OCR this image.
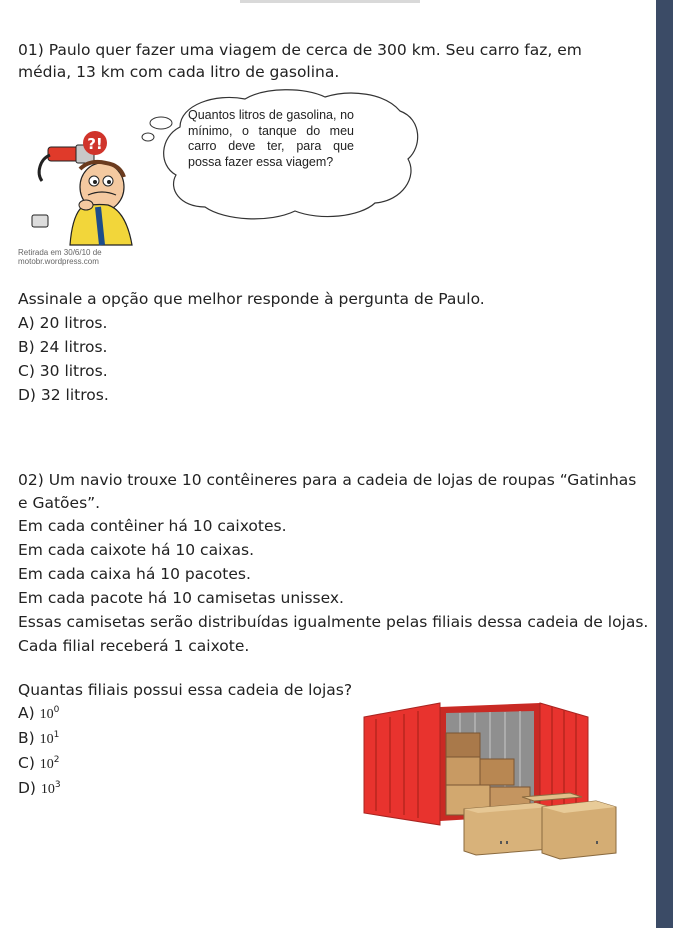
01) Paulo quer fazer uma viagem de cerca de 300 km. Seu carro faz, em
média, 13 km com cada litro de gasolina.
?!
Quantos litros de gasolina, no mínimo, o tanque do meu carro deve ter, para que possa fazer essa viagem?
Retirada em 30/6/10 de
motobr.wordpress.com
Assinale a opção que melhor responde à pergunta de Paulo.
A) 20 litros.
B) 24 litros.
C) 30 litros.
D) 32 litros.
02) Um navio trouxe 10 contêineres para a cadeia de lojas de roupas “Gatinhas
e Gatões”.
Em cada contêiner há 10 caixotes.
Em cada caixote há 10 caixas.
Em cada caixa há 10 pacotes.
Em cada pacote há 10 camisetas unissex.
Essas camisetas serão distribuídas igualmente pelas filiais dessa cadeia de lojas.
Cada filial receberá 1 caixote.
Quantas filiais possui essa cadeia de lojas?
A) $10^0$
B) $10^1$
C) $10^2$
D) $10^3$
